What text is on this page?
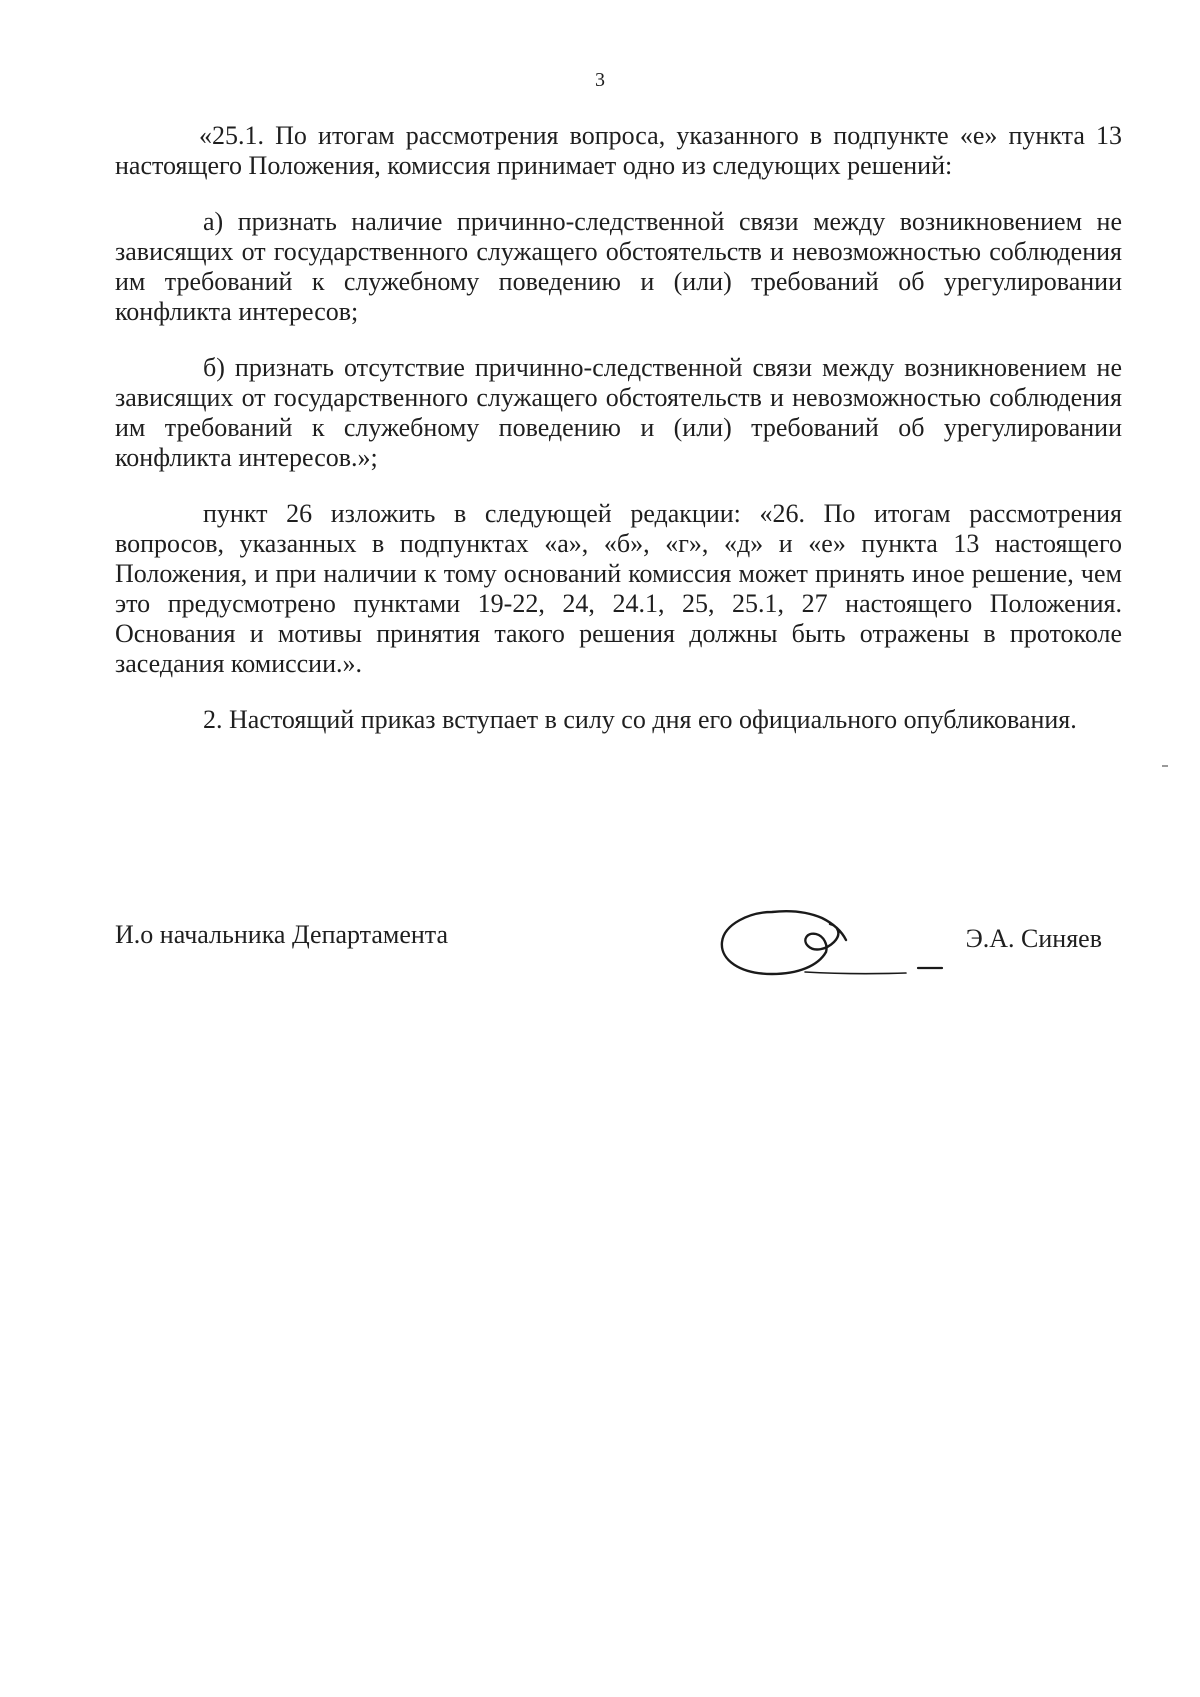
3

«25.1. По итогам рассмотрения вопроса, указанного в подпункте «е» пункта 13 настоящего Положения, комиссия принимает одно из следующих решений:

а) признать наличие причинно-следственной связи между возникновением не зависящих от государственного служащего обстоятельств и невозможностью соблюдения им требований к служебному поведению и (или) требований об урегулировании конфликта интересов;

б) признать отсутствие причинно-следственной связи между возникновением не зависящих от государственного служащего обстоятельств и невозможностью соблюдения им требований к служебному поведению и (или) требований об урегулировании конфликта интересов.»;

пункт 26 изложить в следующей редакции: «26. По итогам рассмотрения вопросов, указанных в подпунктах «а», «б», «г», «д» и «е» пункта 13 настоящего Положения, и при наличии к тому оснований комиссия может принять иное решение, чем это предусмотрено пунктами 19-22, 24, 24.1, 25, 25.1, 27 настоящего Положения. Основания и мотивы принятия такого решения должны быть отражены в протоколе заседания комиссии.».

2. Настоящий приказ вступает в силу со дня его официального опубликования.

И.о начальника Департамента	Э.А. Синяев
